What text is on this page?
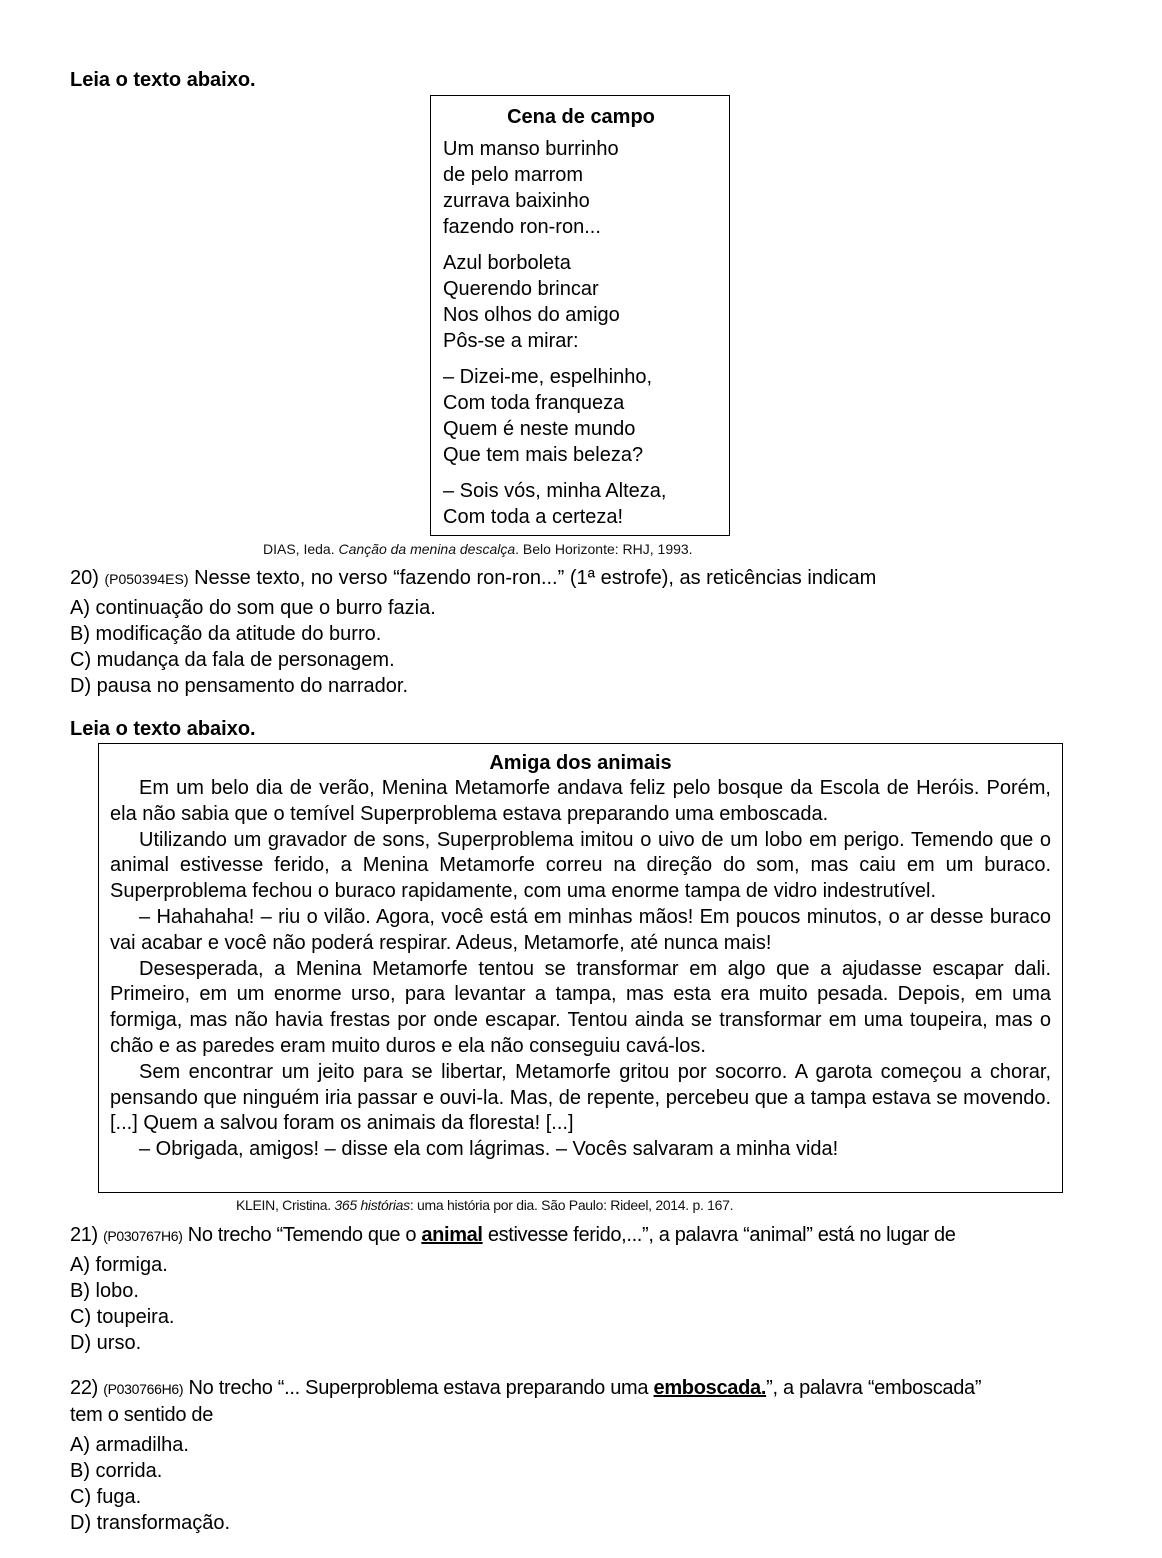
Leia o texto abaixo.
Cena de campo
Um manso burrinho
de pelo marrom
zurrava baixinho
fazendo ron-ron...
Azul borboleta
Querendo brincar
Nos olhos do amigo
Pôs-se a mirar:
– Dizei-me, espelhinho,
Com toda franqueza
Quem é neste mundo
Que tem mais beleza?
– Sois vós, minha Alteza,
Com toda a certeza!
DIAS, Ieda. Canção da menina descalça. Belo Horizonte: RHJ, 1993.
20) (P050394ES) Nesse texto, no verso “fazendo ron-ron...” (1ª estrofe), as reticências indicam
A) continuação do som que o burro fazia.
B) modificação da atitude do burro.
C) mudança da fala de personagem.
D) pausa no pensamento do narrador.
Leia o texto abaixo.
Amiga dos animais

Em um belo dia de verão, Menina Metamorfe andava feliz pelo bosque da Escola de Heróis. Porém, ela não sabia que o temível Superproblema estava preparando uma emboscada.

Utilizando um gravador de sons, Superproblema imitou o uivo de um lobo em perigo. Temendo que o animal estivesse ferido, a Menina Metamorfe correu na direção do som, mas caiu em um buraco. Superproblema fechou o buraco rapidamente, com uma enorme tampa de vidro indestrutível.

– Hahahaha! – riu o vilão. Agora, você está em minhas mãos! Em poucos minutos, o ar desse buraco vai acabar e você não poderá respirar. Adeus, Metamorfe, até nunca mais!

Desesperada, a Menina Metamorfe tentou se transformar em algo que a ajudasse escapar dali. Primeiro, em um enorme urso, para levantar a tampa, mas esta era muito pesada. Depois, em uma formiga, mas não havia frestas por onde escapar. Tentou ainda se transformar em uma toupeira, mas o chão e as paredes eram muito duros e ela não conseguiu cavá-los.

Sem encontrar um jeito para se libertar, Metamorfe gritou por socorro. A garota começou a chorar, pensando que ninguém iria passar e ouvi-la. Mas, de repente, percebeu que a tampa estava se movendo. [...] Quem a salvou foram os animais da floresta! [...]

– Obrigada, amigos! – disse ela com lágrimas. – Vocês salvaram a minha vida!

KLEIN, Cristina. 365 histórias: uma história por dia. São Paulo: Rideel, 2014. p. 167.
21) (P030767H6) No trecho “Temendo que o animal estivesse ferido,...”, a palavra “animal” está no lugar de
A) formiga.
B) lobo.
C) toupeira.
D) urso.
22) (P030766H6) No trecho “... Superproblema estava preparando uma emboscada.”, a palavra “emboscada”
tem o sentido de
A) armadilha.
B) corrida.
C) fuga.
D) transformação.
